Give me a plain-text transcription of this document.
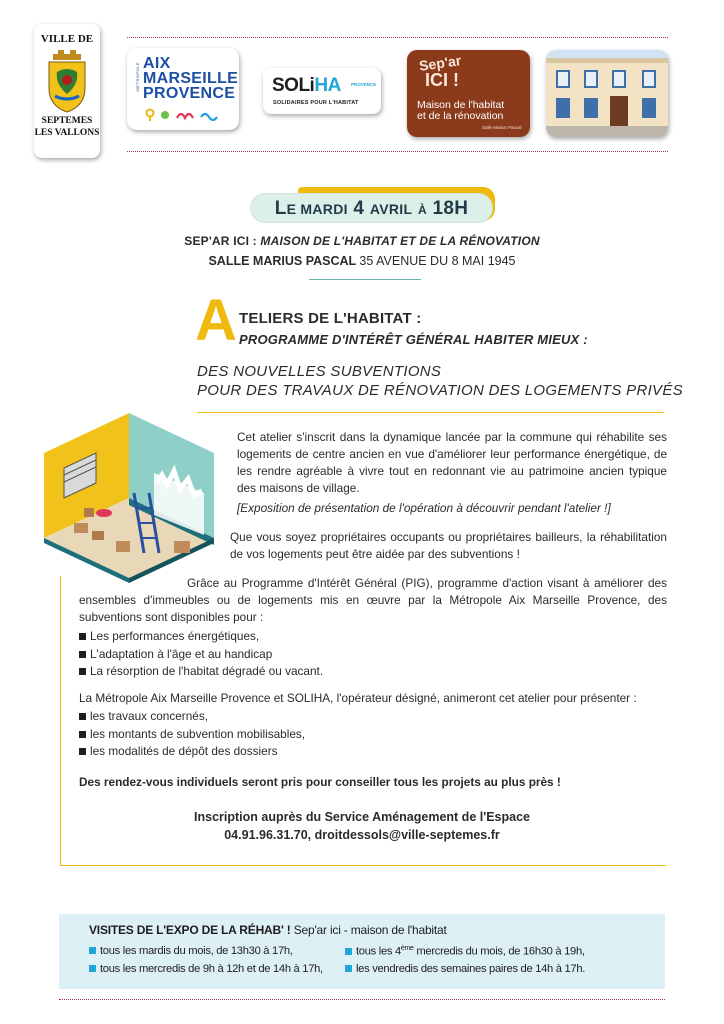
VILLE DE
SEPTEMES
LES VALLONS
MÉTROPOLE AIX
MARSEILLE
PROVENCE SOLiHA PROVENCE
SOLIDAIRES POUR L'HABITAT
Sep'ar
ICI !
Maison de l'habitat
et de la rénovation
Salle Marius Pascal
LE MARDI 4 AVRIL À 18H
SEP'AR ICI : MAISON DE L'HABITAT ET DE LA RÉNOVATION
SALLE MARIUS PASCAL 35 AVENUE DU 8 MAI 1945
A TELIERS DE L'HABITAT :
PROGRAMME D'INTÉRÊT GÉNÉRAL HABITER MIEUX :
DES NOUVELLES SUBVENTIONS
POUR DES TRAVAUX DE RÉNOVATION DES LOGEMENTS PRIVÉS
Cet atelier s'inscrit dans la dynamique lancée par la commune qui réhabilite ses logements de centre ancien en vue d'améliorer leur performance énergétique, de les rendre agréable à vivre tout en redonnant vie au patrimoine ancien typique des maisons de village.
[Exposition de présentation de l'opération à découvrir pendant l'atelier !]
Que vous soyez propriétaires occupants ou propriétaires bailleurs, la réhabilitation de vos logements peut être aidée par des subventions !
Grâce au Programme d'Intérêt Général (PIG), programme d'action visant à améliorer des ensembles d'immeubles ou de logements mis en œuvre par la Métropole Aix Marseille Provence, des subventions sont disponibles pour :
Les performances énergétiques,
L'adaptation à l'âge et au handicap
La résorption de l'habitat dégradé ou vacant.
La Métropole Aix Marseille Provence et SOLIHA, l'opérateur désigné, animeront cet atelier pour présenter :
les travaux concernés,
les montants de subvention mobilisables,
les modalités de dépôt des dossiers
Des rendez-vous individuels seront pris pour conseiller tous les projets au plus près !
Inscription auprès du Service Aménagement de l'Espace
04.91.96.31.70, droitdessols@ville-septemes.fr
VISITES DE L'EXPO DE LA RÉHAB' ! Sep'ar ici - maison de l'habitat
tous les mardis du mois, de 13h30 à 17h,
tous les mercredis de 9h à 12h et de 14h à 17h,
tous les 4ème mercredis du mois, de 16h30 à 19h,
les vendredis des semaines paires de 14h à 17h.
